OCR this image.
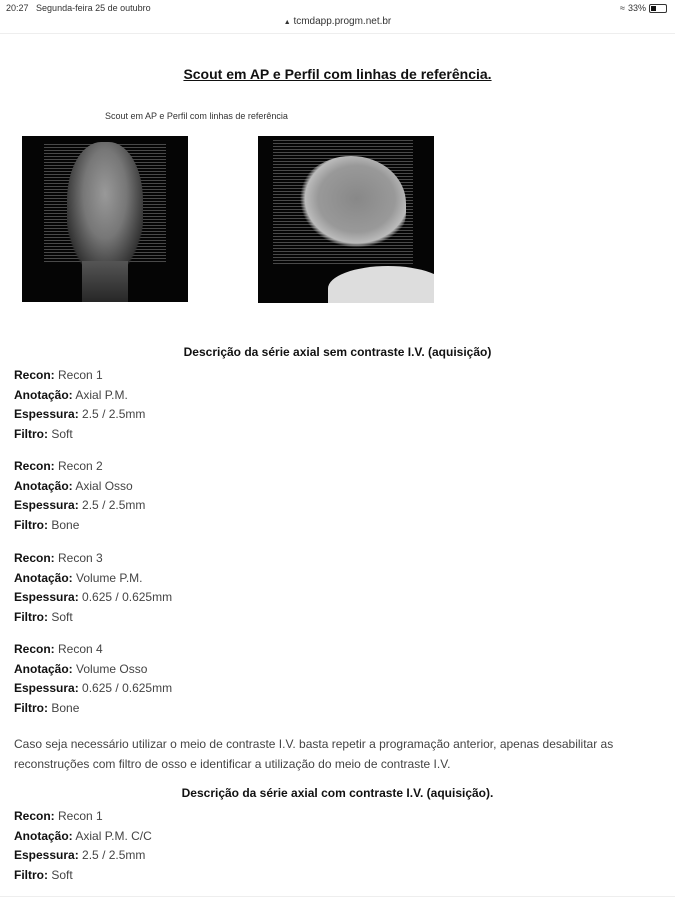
20:27 Segunda-feira 25 de outubro	≈ 33%
▲ tcmdapp.progm.net.br
Scout em AP e Perfil com linhas de referência.
Scout em AP e Perfil com linhas de referência
Descrição da série axial sem contraste I.V. (aquisição)
Recon: Recon 1
Anotação: Axial P.M.
Espessura: 2.5 / 2.5mm
Filtro: Soft
Recon: Recon 2
Anotação: Axial Osso
Espessura: 2.5 / 2.5mm
Filtro: Bone
Recon: Recon 3
Anotação: Volume P.M.
Espessura: 0.625 / 0.625mm
Filtro: Soft
Recon: Recon 4
Anotação: Volume Osso
Espessura: 0.625 / 0.625mm
Filtro: Bone
Caso seja necessário utilizar o meio de contraste I.V. basta repetir a programação anterior, apenas desabilitar as reconstruções com filtro de osso e identificar a utilização do meio de contraste I.V.
Descrição da série axial com contraste I.V. (aquisição).
Recon: Recon 1
Anotação: Axial P.M. C/C
Espessura: 2.5 / 2.5mm
Filtro: Soft
